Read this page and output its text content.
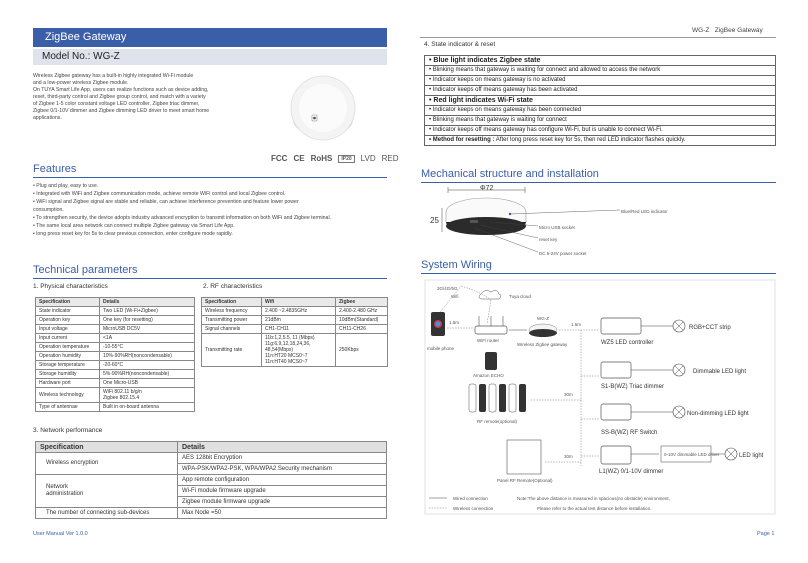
ZigBee Gateway
Model No.: WG-Z
Wireless Zigbee gateway has a built-in highly integrated Wi-Fi module
and a low-power wireless Zigbee module.
On TUYA Smart Life App, users can realize functions such as device adding,
reset, third-party control and Zigbee group control, and match with a variety
of Zigbee 1-5 color constant voltage LED controller, Zigbee triac dimmer,
Zigbee 0/1-10V dimmer and Zigbee dimming LED driver to meet smart home
applications.
FCC CE RoHS	IP20	LVD RED
Features
• Plug and play, easy to use.
• Integrated with WiFi and Zigbee communication mode, achieve remote WiFi control and local Zigbee control.
• WiFi signal and Zigbee signal are stable and reliable, can achieve interference prevention and feature lower power
consumption.
• To strengthen security, the device adopts industry advanced encryption to transmit information on both WiFi and Zigbee terminal.
• The same local area network can connect multiple Zigbee gateway via Smart Life App.
• long press reset key for 5s to clear previous connection, enter configure mode rapidly.
Technical parameters
1. Physical characteristics
Specification	Details
State indicator	Two LED (Wi-Fi+Zigbee)
Operation key	One key (for resetting)
Input voltage	MicroUSB DC5V
Input current	<1A
Operation temperature	-10-55°C
Operation humidity	10%-90%RH(noncondensable)
Storage temperature	-20-60°C
Storage humidity	5%-90%RH(noncondensable)
Hardware port	One Micro-USB
Wireless technology	WiFi 802.11 b/g/n
Zigbee 802.15.4
Type of antennae	Built in on-board antenna
2. RF characteristics
Specification	Wifi	Zigbee
Wireless frequency	2.400 ~2.4835GHz	2.400-2.480 GHz
Transmitting power	21dBm	10dBm(Standard)
Signal channels	CH1-CH11	CH11-CH26
Transmitting rate	11b:1,2,5.5, 11 (Mbps)
11g:6,9,12,18,24,36,
48,54(Mbps)
11n:HT20 MCS0~7
11n:HT40 MCS0~7	250Kbps
3. Network performance
Specification	Details
Wireless encryption	AES 128bit Encryption
	WPA-PSK/WPA2-PSK, WPA/WPA2 Security mechanism
Network
administration	App remote configuration
	Wi-Fi module firmware upgrade
	Zigbee module firmware upgrade
The number of connecting sub-devices	Max Node =50
User Manual Ver 1.0.0
WG-Z   ZigBee Gateway
4. State indicator & reset
• Blue light indicates Zigbee state
• Blinking means that gateway is waiting for connect and allowed to access the network
• Indicator keeps on means gateway is no activated
• Indicator keeps off means gateway has been activated
• Red light indicates Wi-Fi state
• Indicator keeps on means gateway has been connected
• Blinking means that gateway is waiting for connect
• Indicator keeps off means gateway has configure Wi-Fi, but is unable to connect Wi-Fi.
• Method for resetting : After long press reset key for 5s, then red LED indicator flashes quickly.
Mechanical structure and installation
Φ72
25
Blue/Red LED indicator
Micro USB socket
reset key
DC 5-24V power socket
System Wiring
3G/4G/5G
Wifi	Tuya cloud
mobile phone
1.5m
WiFi router
WG-Z
Wireless Zigbee gateway
Amazon ECHO
RF remote(optional)
Panel RF Remote(Optional)
1.5m
30m
30m
WZ5 LED controller
RGB+CCT strip
S1-B(WZ) Triac dimmer
Dimmable LED light
SS-B(WZ) RF Switch
Non-dimming LED light
L1(WZ) 0/1-10V dimmer
0-10V dimmable LED driver	LED light
Wired connection
Wireless connection
Note:The above distance is measured in spacious(no obstacle) environment,
Please refer to the actual test distance before installation.
Page 1
